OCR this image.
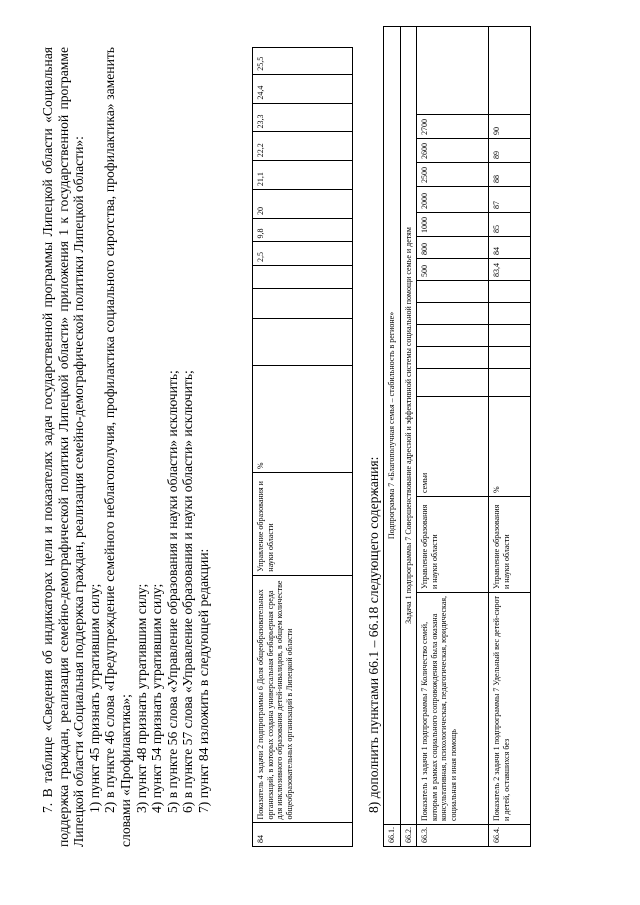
7. В таблице «Сведения об индикаторах цели и показателях задач государственной программы Липецкой области «Социальная поддержка граждан, реализация семейно-демографической политики Липецкой области» приложения 1 к государственной программе Липецкой области «Социальная поддержка граждан, реализация семейно-демографической политики Липецкой области»: 1) пункт 45 признать утратившим силу; 2) в пункте 46 слова «Предупреждение семейного неблагополучия, профилактика социального сиротства, профилактика» заменить словами «Профилактика»; 3) пункт 48 признать утратившим силу; 4) пункт 54 признать утратившим силу; 5) в пункте 56 слова «Управление образования и науки области» исключить; 6) в пункте 57 слова «Управление образования и науки области» исключить; 7) пункт 84 изложить в следующей редакции:

84	Показатель 4 задачи 2 подпрограммы 6 Доля общеобразовательных организаций, в которых создана универсальная безбарьерная среда для инклюзивного образования детей-инвалидов, в общем количестве общеобразовательных организаций в Липецкой области	Управление образования и науки области	%				2,5	9,8	20	21,1	22,2	23,3	24,4	25,5

8) дополнить пунктами 66.1 – 66.18 следующего содержания:

66.1.	Подпрограмма 7 «Благополучная семья – стабильность в регионе»															
66.2.	Задача 1 подпрограммы 7 Совершенствование адресной и эффективной системы социальной помощи семье и детям															
66.3.	Показатель 1 задачи 1 подпрограммы 7 Количество семей, которым в рамках социального сопровождения была оказана консультативная, психологическая, педагогическая, юридическая, социальная и иная помощь	Управление образования и науки области	семьи						500	800	1000	2000	2500	2600	2700	
66.4.	Показатель 2 задачи 1 подпрограммы 7 Удельный вес детей-сирот и детей, оставшихся без	Управление образования и науки области	%						83,4	84	85	87	88	89	90	
